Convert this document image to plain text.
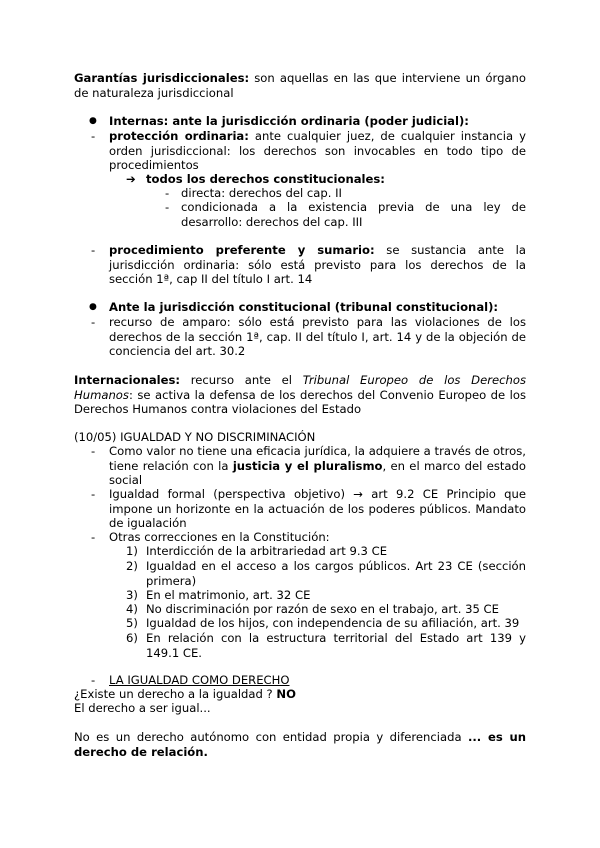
Garantías jurisdiccionales: son aquellas en las que interviene un órgano de naturaleza jurisdiccional
● Internas: ante la jurisdicción ordinaria (poder judicial):
- protección ordinaria: ante cualquier juez, de cualquier instancia y orden jurisdiccional: los derechos son invocables en todo tipo de procedimientos
➔ todos los derechos constitucionales:
- directa: derechos del cap. II
- condicionada a la existencia previa de una ley de desarrollo: derechos del cap. III
- procedimiento preferente y sumario: se sustancia ante la jurisdicción ordinaria: sólo está previsto para los derechos de la sección 1ª, cap II del título I art. 14
● Ante la jurisdicción constitucional (tribunal constitucional):
- recurso de amparo: sólo está previsto para las violaciones de los derechos de la sección 1ª, cap. II del título I, art. 14 y de la objeción de conciencia del art. 30.2
Internacionales: recurso ante el Tribunal Europeo de los Derechos Humanos: se activa la defensa de los derechos del Convenio Europeo de los Derechos Humanos contra violaciones del Estado
(10/05) IGUALDAD Y NO DISCRIMINACIÓN
- Como valor no tiene una eficacia jurídica, la adquiere a través de otros, tiene relación con la justicia y el pluralismo, en el marco del estado social
- Igualdad formal (perspectiva objetivo) → art 9.2 CE Principio que impone un horizonte en la actuación de los poderes públicos. Mandato de igualación
- Otras correcciones en la Constitución:
1) Interdicción de la arbitrariedad art 9.3 CE
2) Igualdad en el acceso a los cargos públicos. Art 23 CE (sección primera)
3) En el matrimonio, art. 32 CE
4) No discriminación por razón de sexo en el trabajo, art. 35 CE
5) Igualdad de los hijos, con independencia de su afiliación, art. 39
6) En relación con la estructura territorial del Estado art 139 y 149.1 CE.
- LA IGUALDAD COMO DERECHO
¿Existe un derecho a la igualdad ? NO
El derecho a ser igual...
No es un derecho autónomo con entidad propia y diferenciada ... es un derecho de relación.
